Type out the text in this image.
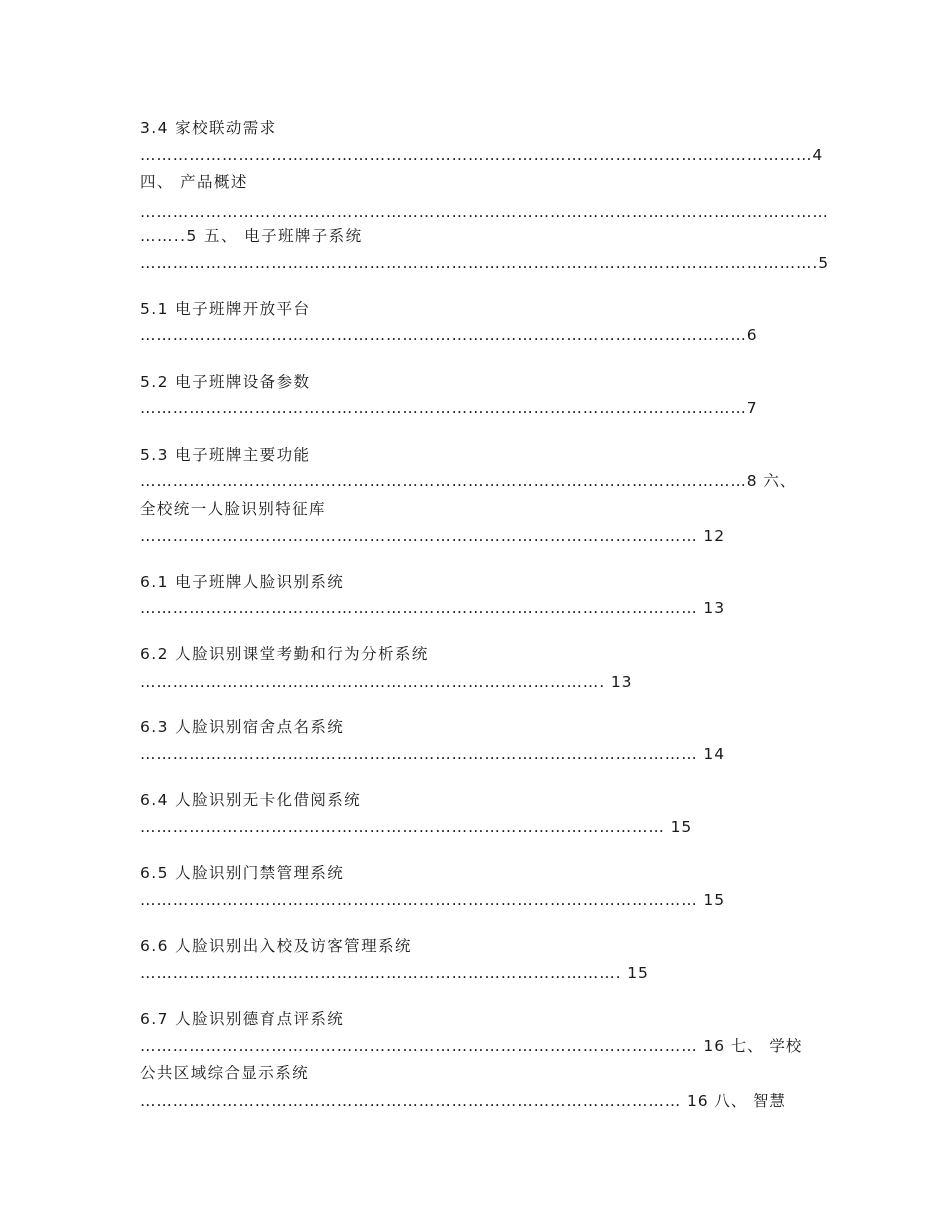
3.4 家校联动需求
……………………………………………………………………………………………………………4
四、 产品概述
………………………………………………………………………………………………………………
……..5 五、 电子班牌子系统
…………………………………………………………………………………………………………….5
5.1 电子班牌开放平台
…………………………………………………………………………………………………6
5.2 电子班牌设备参数
…………………………………………………………………………………………………7
5.3 电子班牌主要功能
…………………………………………………………………………………………………8 六、
全校统一人脸识别特征库
………………………………………………………………………………………… 12
6.1 电子班牌人脸识别系统
………………………………………………………………………………………… 13
6.2 人脸识别课堂考勤和行为分析系统
…………………………………………………………………………. 13
6.3 人脸识别宿舍点名系统
………………………………………………………………………………………… 14
6.4 人脸识别无卡化借阅系统
…………………………………………………………………………………… 15
6.5 人脸识别门禁管理系统
………………………………………………………………………………………… 15
6.6 人脸识别出入校及访客管理系统
……………………………………………………………………………. 15
6.7 人脸识别德育点评系统
………………………………………………………………………………………… 16 七、 学校
公共区域综合显示系统
……………………………………………………………………………………… 16 八、 智慧
